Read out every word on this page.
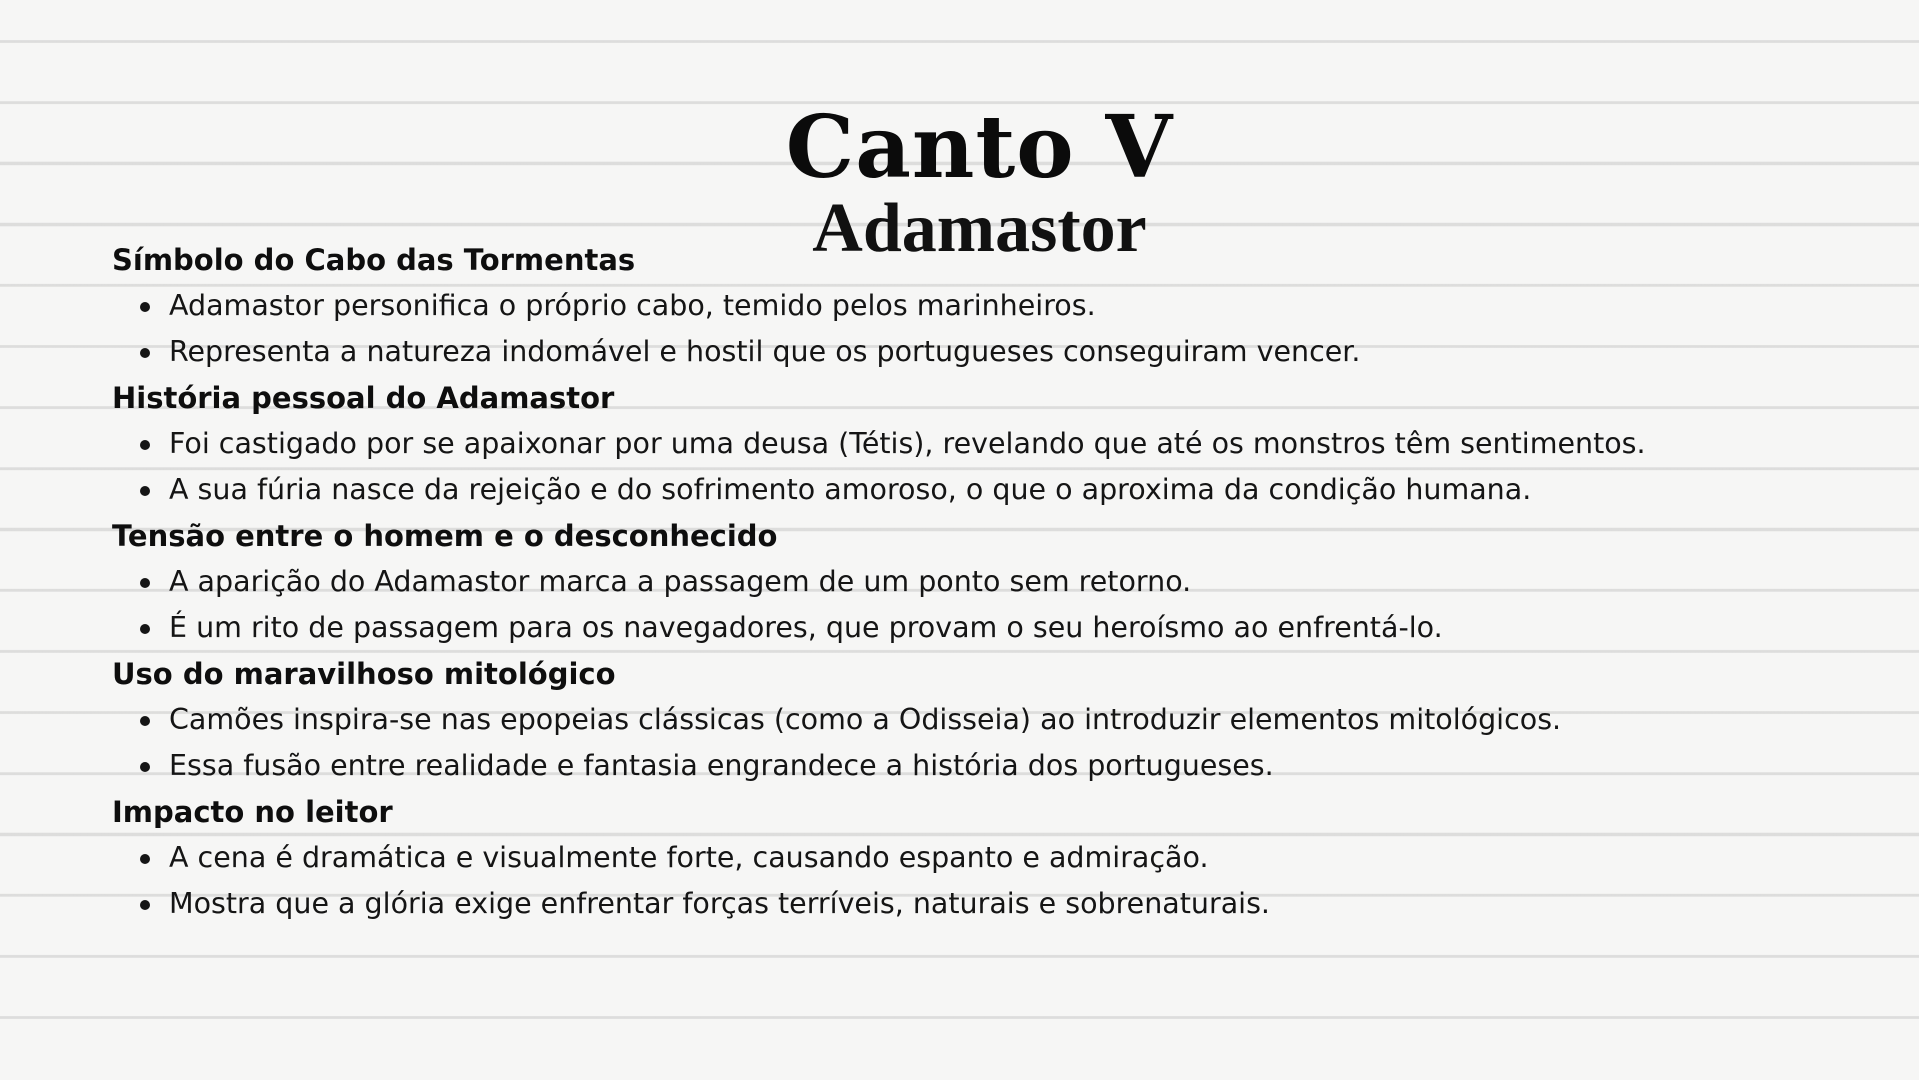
Canto V
Adamastor
Símbolo do Cabo das Tormentas
Adamastor personifica o próprio cabo, temido pelos marinheiros.
Representa a natureza indomável e hostil que os portugueses conseguiram vencer.
História pessoal do Adamastor
Foi castigado por se apaixonar por uma deusa (Tétis), revelando que até os monstros têm sentimentos.
A sua fúria nasce da rejeição e do sofrimento amoroso, o que o aproxima da condição humana.
Tensão entre o homem e o desconhecido
A aparição do Adamastor marca a passagem de um ponto sem retorno.
É um rito de passagem para os navegadores, que provam o seu heroísmo ao enfrentá-lo.
Uso do maravilhoso mitológico
Camões inspira-se nas epopeias clássicas (como a Odisseia) ao introduzir elementos mitológicos.
Essa fusão entre realidade e fantasia engrandece a história dos portugueses.
Impacto no leitor
A cena é dramática e visualmente forte, causando espanto e admiração.
Mostra que a glória exige enfrentar forças terríveis, naturais e sobrenaturais.
